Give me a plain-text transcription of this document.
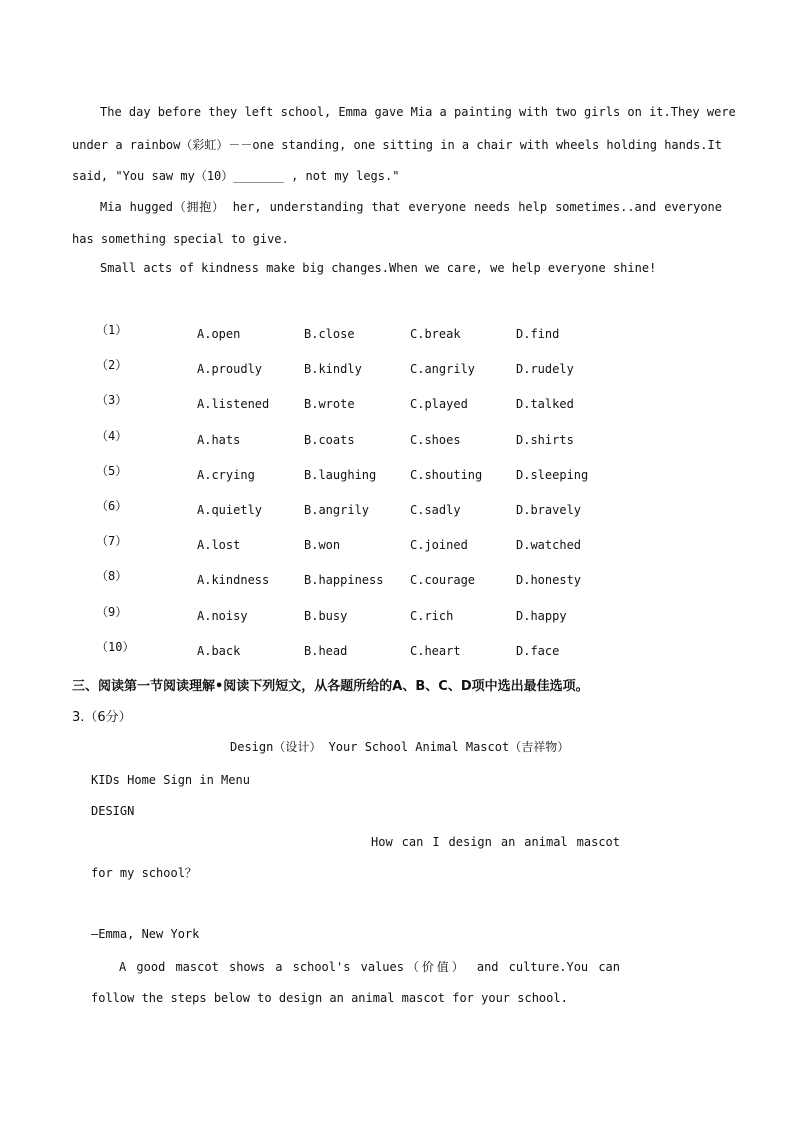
The day before they left school, Emma gave Mia a painting with two girls on it.They were
under a rainbow（彩虹）－－one standing, one sitting in a chair with wheels holding hands.It
said, "You saw my（10）_______ , not my legs."
Mia hugged（拥抱） her, understanding that everyone needs help sometimes..and everyone
has something special to give.
Small acts of kindness make big changes.When we care, we help everyone shine!
（1）	A.open	B.close	C.break	D.find
（2）	A.proudly	B.kindly	C.angrily	D.rudely
（3）	A.listened	B.wrote	C.played	D.talked
（4）	A.hats	B.coats	C.shoes	D.shirts
（5）	A.crying	B.laughing	C.shouting	D.sleeping
（6）	A.quietly	B.angrily	C.sadly	D.bravely
（7）	A.lost	B.won	C.joined	D.watched
（8）	A.kindness	B.happiness C.courage	D.honesty
（9）	A.noisy	B.busy	C.rich	D.happy
（10）	A.back	B.head	C.heart	D.face
三、阅读第一节阅读理解•阅读下列短文，从各题所给的A、B、C、D项中选出最佳选项。
3.（6分）
Design（设计） Your School Animal Mascot（吉祥物）
KIDs Home Sign in Menu
DESIGN
How can I design an animal mascot
for my school？
—Emma, New York
A good mascot shows a school's values（价值） and culture.You can
follow the steps below to design an animal mascot for your school.
